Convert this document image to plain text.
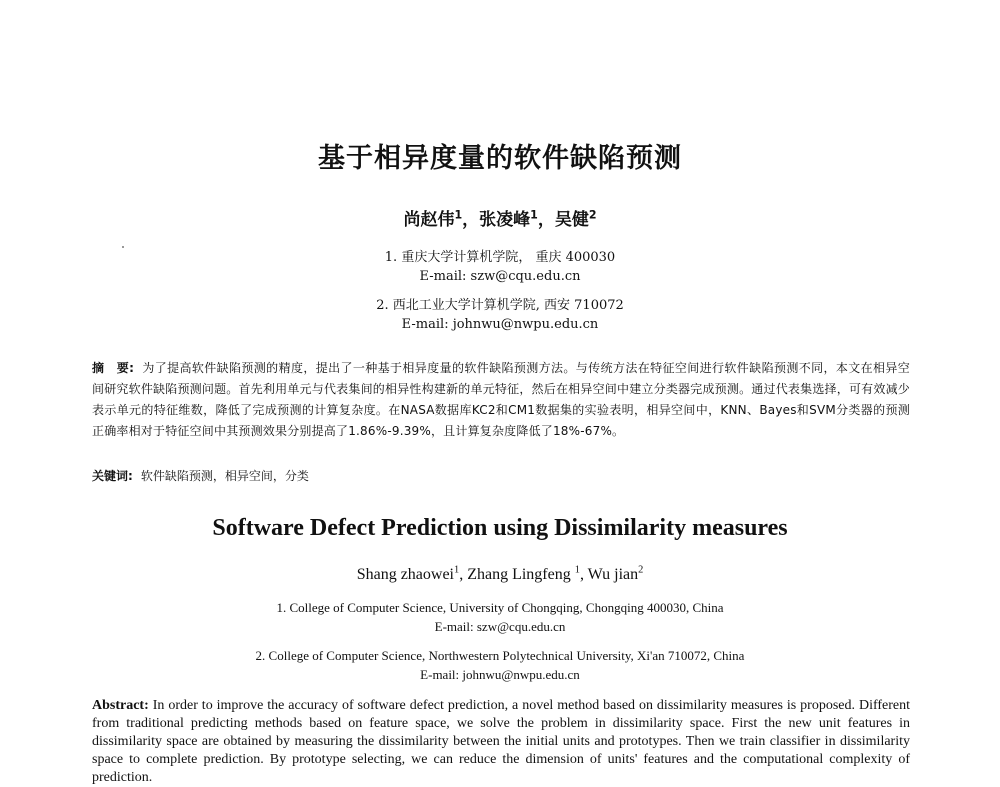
基于相异度量的软件缺陷预测
尚赵伟$^1$，张凌峰$^1$，吴健$^2$
1. 重庆大学计算机学院， 重庆 400030
E-mail: szw@cqu.edu.cn
2. 西北工业大学计算机学院, 西安 710072
E-mail: johnwu@nwpu.edu.cn
摘　要: 为了提高软件缺陷预测的精度，提出了一种基于相异度量的软件缺陷预测方法。与传统方法在特征空间进行软件缺陷预测不同，本文在相异空间研究软件缺陷预测问题。首先利用单元与代表集间的相异性构建新的单元特征，然后在相异空间中建立分类器完成预测。通过代表集选择，可有效减少表示单元的特征维数，降低了完成预测的计算复杂度。在NASA数据库KC2和CM1数据集的实验表明，相异空间中，KNN、Bayes和SVM分类器的预测正确率相对于特征空间中其预测效果分别提高了1.86%-9.39%，且计算复杂度降低了18%-67%。
关键词: 软件缺陷预测，相异空间，分类
Software Defect Prediction using Dissimilarity measures
Shang zhaowei$^1$, Zhang Lingfeng $^1$, Wu jian$^2$
1. College of Computer Science, University of Chongqing, Chongqing 400030, China
E-mail: szw@cqu.edu.cn
2. College of Computer Science, Northwestern Polytechnical University, Xi'an 710072, China
E-mail: johnwu@nwpu.edu.cn
Abstract: In order to improve the accuracy of software defect prediction, a novel method based on dissimilarity measures is proposed. Different from traditional predicting methods based on feature space, we solve the problem in dissimilarity space. First the new unit features in dissimilarity space are obtained by measuring the dissimilarity between the initial units and prototypes. Then we train classifier in dissimilarity space to complete prediction. By prototype selecting, we can reduce the dimension of units' features and the computational complexity of prediction.
